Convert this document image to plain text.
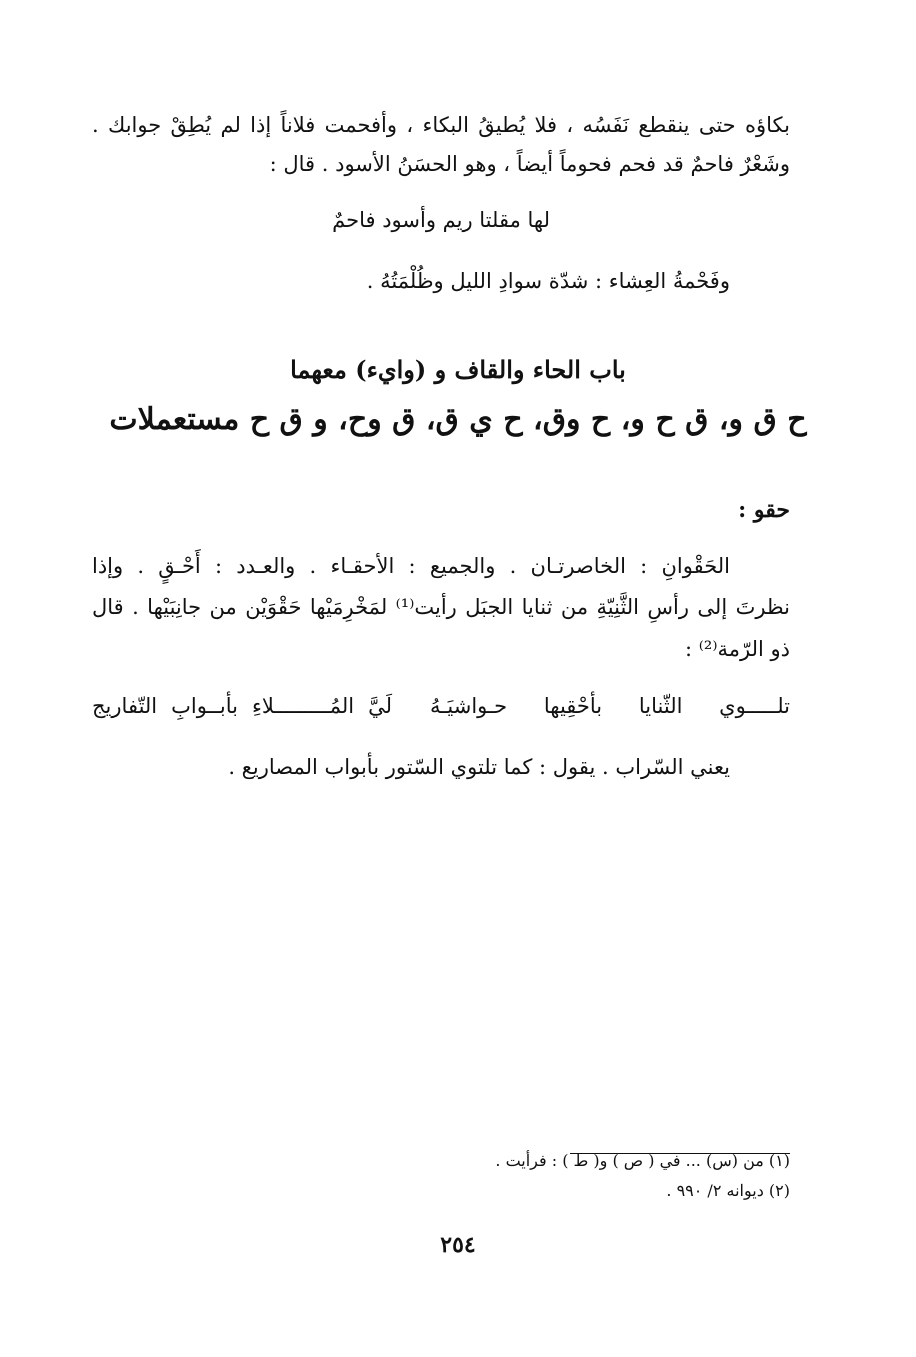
بكاؤه حتى ينقطع نَفَسُه ، فلا يُطيقُ البكاء ، وأفحمت فلاناً إذا لم يُطِقْ جوابك .
وشَعْرٌ فاحمٌ قد فحم فحوماً أيضاً ، وهو الحسَنُ الأسود . قال :
لها مقلتا ريم وأسود فاحمٌ
وفَحْمةُ العِشاء : شدّة سوادِ الليل وظُلْمَتُهُ .
باب الحاء والقاف و (وايء) معهما
ح ق و، ق ح و، ح وق، ح ي ق، ق وح، و ق ح مستعملات
حقو :
الحَقْوانِ : الخاصرتـان . والجميع : الأحقـاء . والعـدد : أَحْـقٍ . وإذا
نظرتَ إلى رأسِ الثَّنِيّةِ من ثنايا الجبَل رأيت⁽¹⁾ لمَخْرِمَيْها حَقْوَيْن من جانِبَيْها . قال
ذو الرّمة⁽²⁾ :
تلـــــوي الثّنايا بأحْقِيها حـواشيَـهُ
لَيَّ المُـــــــــلاءِ بأبــوابِ التّفاريج
يعني السّراب . يقول : كما تلتوي السّتور بأبواب المصاريع .
(١) من (س) ... في ( ص ) و( ط ) : فرأيت .
(٢) ديوانه ٢/ ٩٩٠ .
٢٥٤
